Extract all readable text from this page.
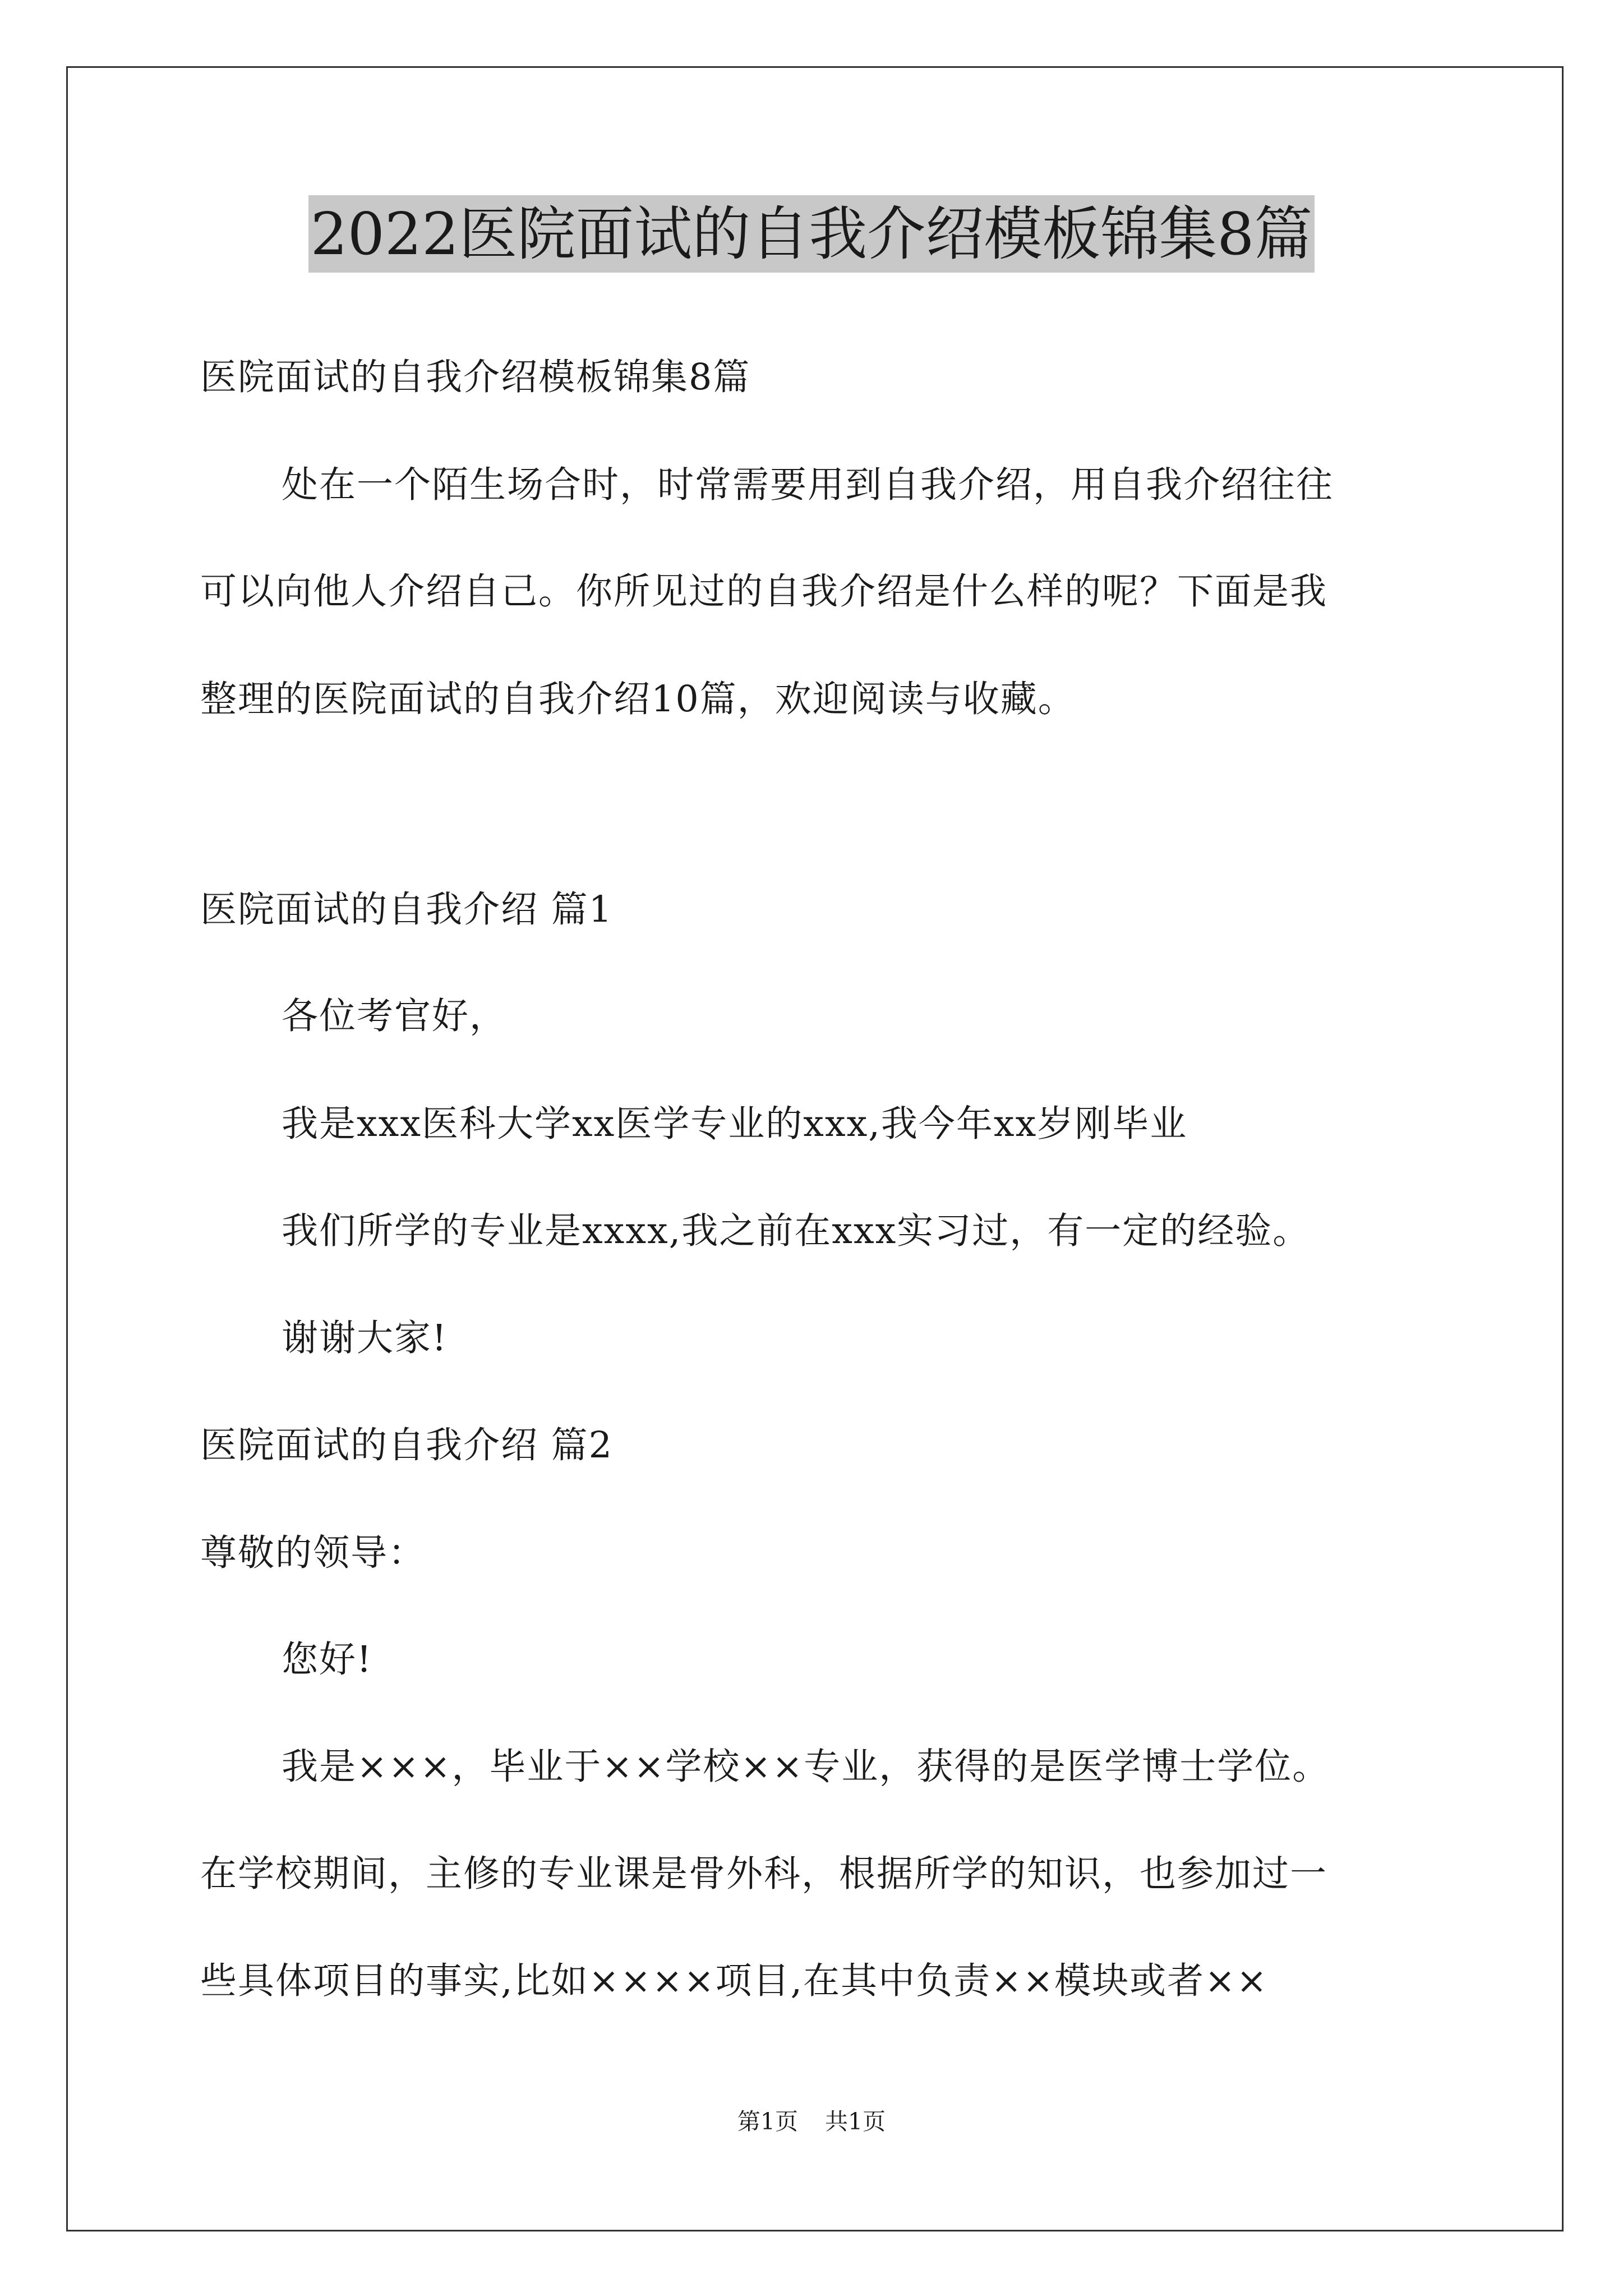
2022医院面试的自我介绍模板锦集8篇
医院面试的自我介绍模板锦集8篇
处在一个陌生场合时，时常需要用到自我介绍，用自我介绍往往
可以向他人介绍自己。你所见过的自我介绍是什么样的呢？下面是我
整理的医院面试的自我介绍10篇，欢迎阅读与收藏。
医院面试的自我介绍 篇1
各位考官好，
我是xxx医科大学xx医学专业的xxx,我今年xx岁刚毕业
我们所学的专业是xxxx,我之前在xxx实习过，有一定的经验。
谢谢大家!
医院面试的自我介绍 篇2
尊敬的领导：
您好!
我是×××，毕业于××学校××专业，获得的是医学博士学位。
在学校期间，主修的专业课是骨外科，根据所学的知识，也参加过一
些具体项目的事实,比如××××项目,在其中负责××模块或者××
第1页 共1页
